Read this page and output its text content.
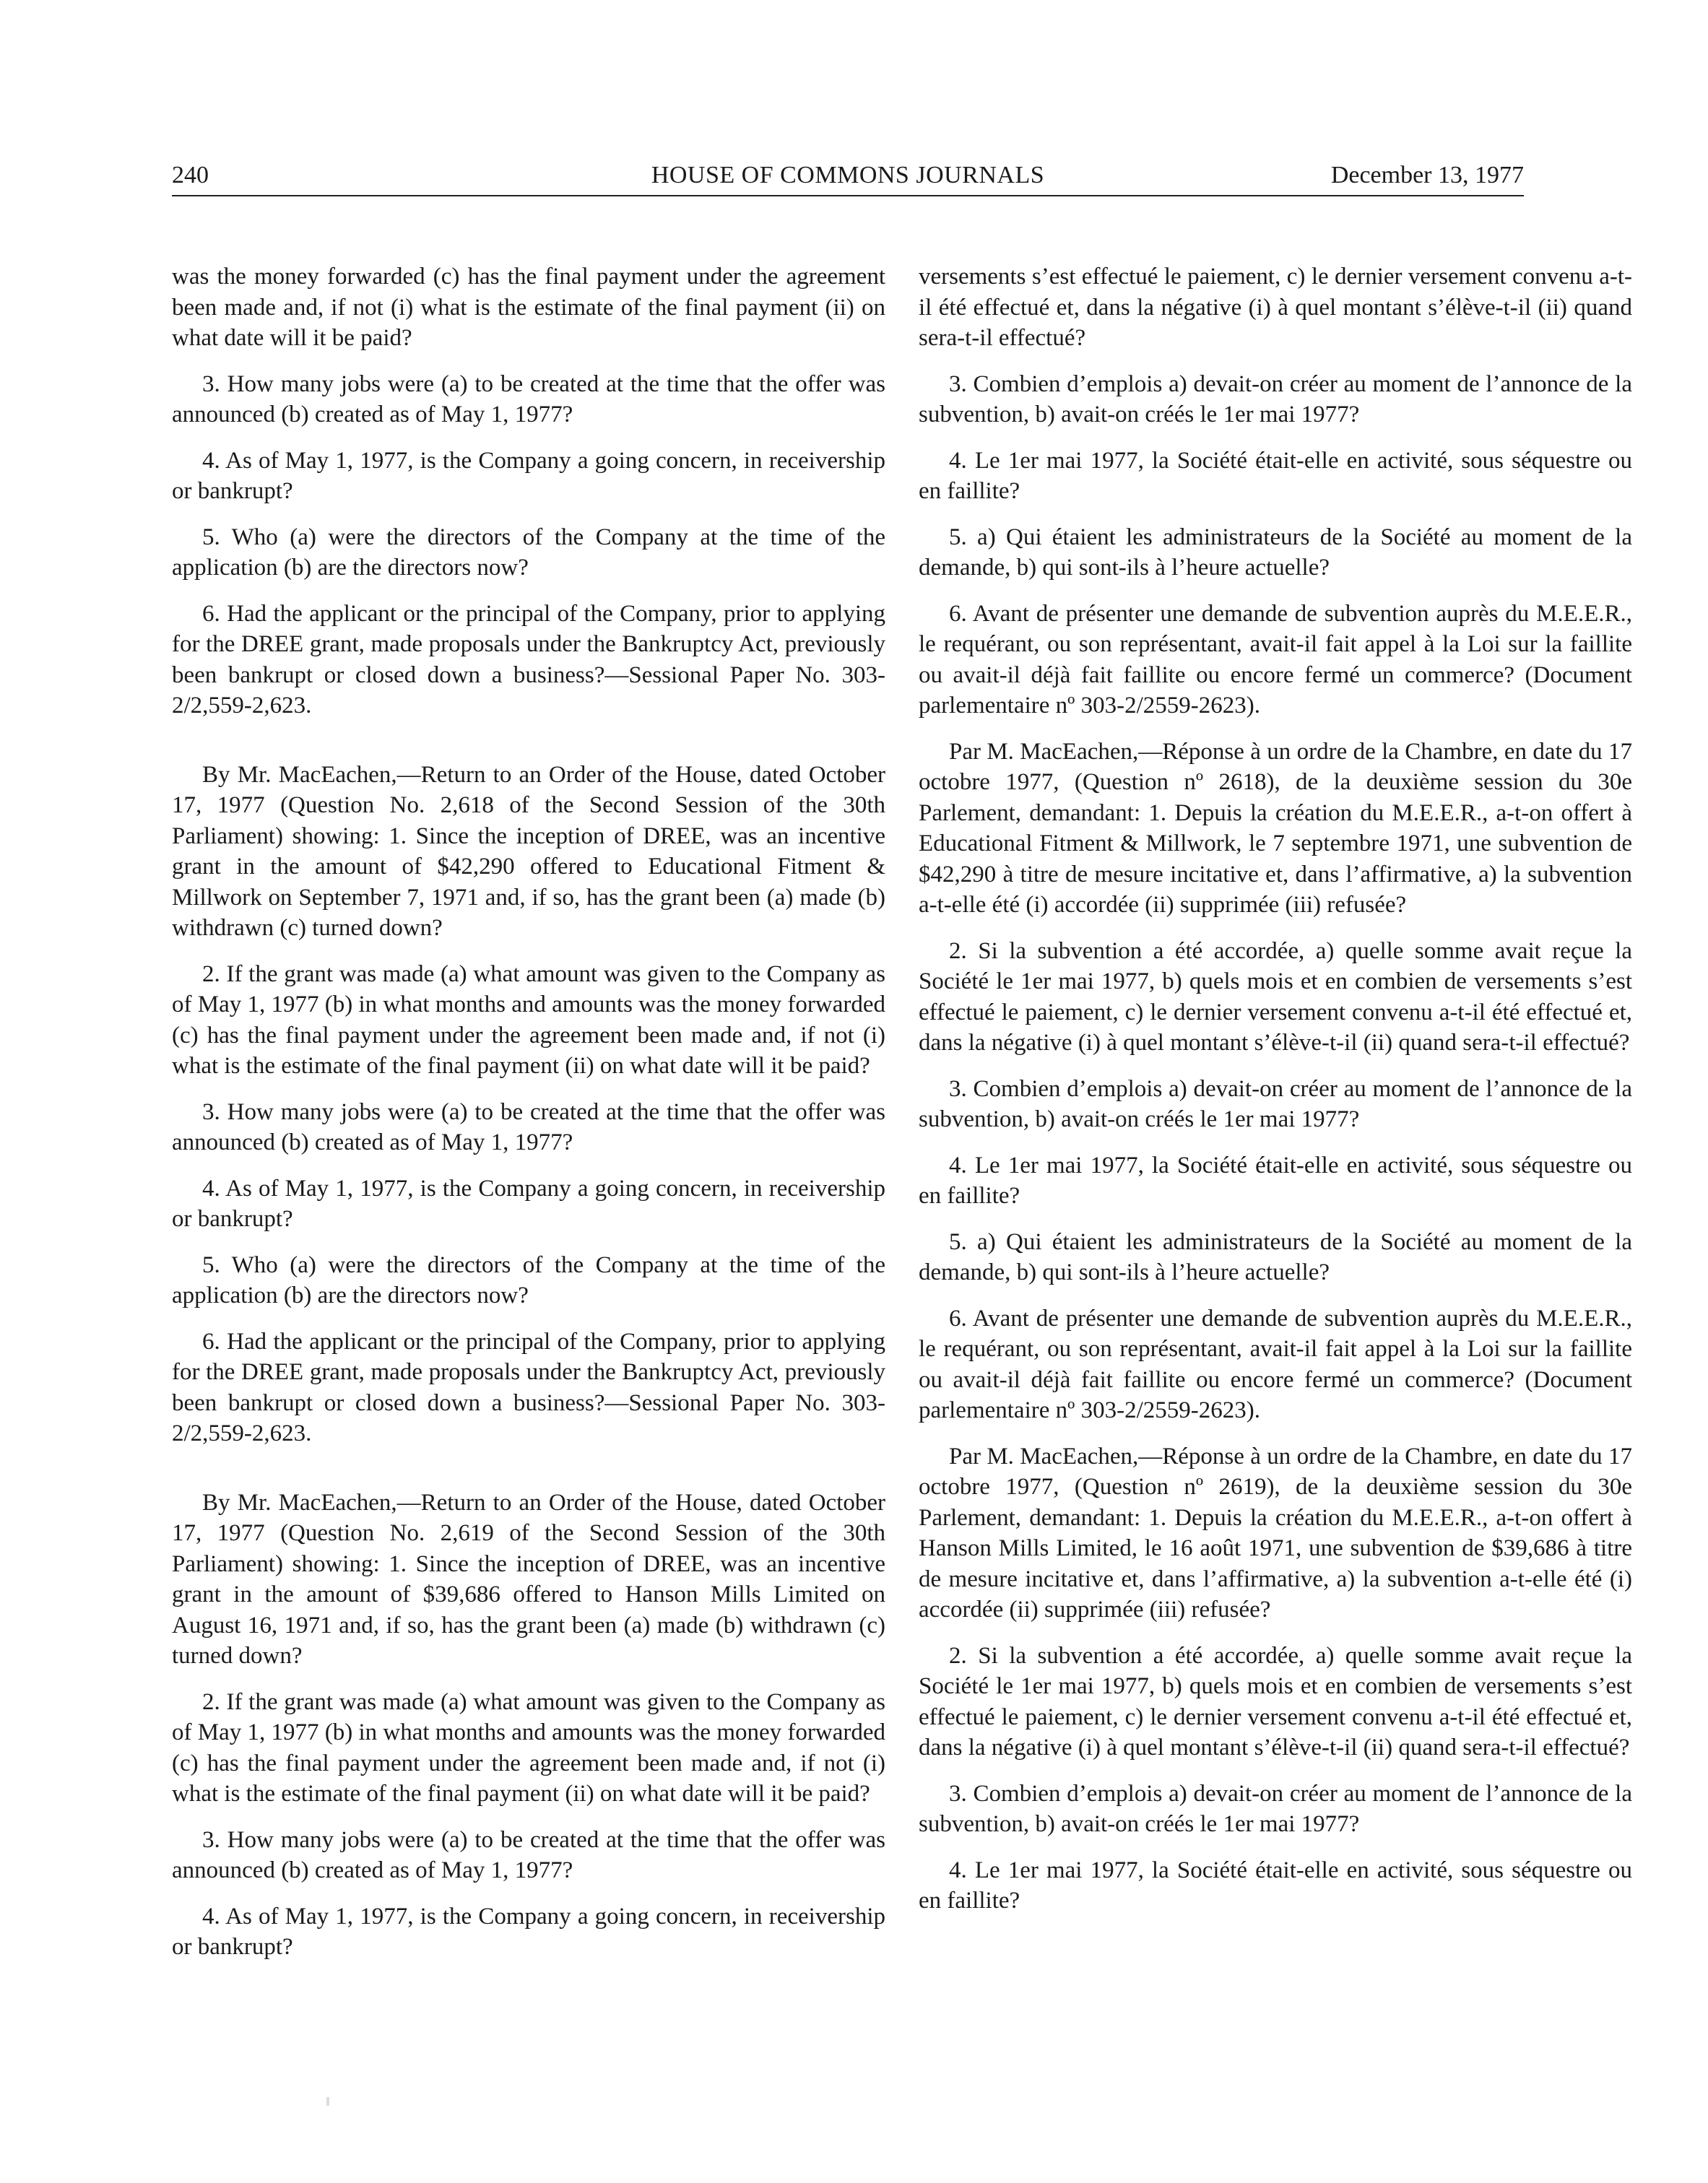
240	HOUSE OF COMMONS JOURNALS	December 13, 1977

was the money forwarded (c) has the final payment under the agreement been made and, if not (i) what is the estimate of the final payment (ii) on what date will it be paid?

3. How many jobs were (a) to be created at the time that the offer was announced (b) created as of May 1, 1977?

4. As of May 1, 1977, is the Company a going concern, in receivership or bankrupt?

5. Who (a) were the directors of the Company at the time of the application (b) are the directors now?

6. Had the applicant or the principal of the Company, prior to applying for the DREE grant, made proposals under the Bankruptcy Act, previously been bankrupt or closed down a business?—Sessional Paper No. 303-2/2,559-2,623.

By Mr. MacEachen,—Return to an Order of the House, dated October 17, 1977 (Question No. 2,618 of the Second Session of the 30th Parliament) showing: 1. Since the inception of DREE, was an incentive grant in the amount of $42,290 offered to Educational Fitment & Millwork on September 7, 1971 and, if so, has the grant been (a) made (b) withdrawn (c) turned down?

2. If the grant was made (a) what amount was given to the Company as of May 1, 1977 (b) in what months and amounts was the money forwarded (c) has the final payment under the agreement been made and, if not (i) what is the estimate of the final payment (ii) on what date will it be paid?

3. How many jobs were (a) to be created at the time that the offer was announced (b) created as of May 1, 1977?

4. As of May 1, 1977, is the Company a going concern, in receivership or bankrupt?

5. Who (a) were the directors of the Company at the time of the application (b) are the directors now?

6. Had the applicant or the principal of the Company, prior to applying for the DREE grant, made proposals under the Bankruptcy Act, previously been bankrupt or closed down a business?—Sessional Paper No. 303-2/2,559-2,623.

By Mr. MacEachen,—Return to an Order of the House, dated October 17, 1977 (Question No. 2,619 of the Second Session of the 30th Parliament) showing: 1. Since the inception of DREE, was an incentive grant in the amount of $39,686 offered to Hanson Mills Limited on August 16, 1971 and, if so, has the grant been (a) made (b) withdrawn (c) turned down?

2. If the grant was made (a) what amount was given to the Company as of May 1, 1977 (b) in what months and amounts was the money forwarded (c) has the final payment under the agreement been made and, if not (i) what is the estimate of the final payment (ii) on what date will it be paid?

3. How many jobs were (a) to be created at the time that the offer was announced (b) created as of May 1, 1977?

4. As of May 1, 1977, is the Company a going concern, in receivership or bankrupt?

versements s’est effectué le paiement, c) le dernier versement convenu a-t-il été effectué et, dans la négative (i) à quel montant s’élève-t-il (ii) quand sera-t-il effectué?

3. Combien d’emplois a) devait-on créer au moment de l’annonce de la subvention, b) avait-on créés le 1er mai 1977?

4. Le 1er mai 1977, la Société était-elle en activité, sous séquestre ou en faillite?

5. a) Qui étaient les administrateurs de la Société au moment de la demande, b) qui sont-ils à l’heure actuelle?

6. Avant de présenter une demande de subvention auprès du M.E.E.R., le requérant, ou son représentant, avait-il fait appel à la Loi sur la faillite ou avait-il déjà fait faillite ou encore fermé un commerce? (Document parlementaire nº 303-2/2559-2623).

Par M. MacEachen,—Réponse à un ordre de la Chambre, en date du 17 octobre 1977, (Question nº 2618), de la deuxième session du 30e Parlement, demandant: 1. Depuis la création du M.E.E.R., a-t-on offert à Educational Fitment & Millwork, le 7 septembre 1971, une subvention de $42,290 à titre de mesure incitative et, dans l’affirmative, a) la subvention a-t-elle été (i) accordée (ii) supprimée (iii) refusée?

2. Si la subvention a été accordée, a) quelle somme avait reçue la Société le 1er mai 1977, b) quels mois et en combien de versements s’est effectué le paiement, c) le dernier versement convenu a-t-il été effectué et, dans la négative (i) à quel montant s’élève-t-il (ii) quand sera-t-il effectué?

3. Combien d’emplois a) devait-on créer au moment de l’annonce de la subvention, b) avait-on créés le 1er mai 1977?

4. Le 1er mai 1977, la Société était-elle en activité, sous séquestre ou en faillite?

5. a) Qui étaient les administrateurs de la Société au moment de la demande, b) qui sont-ils à l’heure actuelle?

6. Avant de présenter une demande de subvention auprès du M.E.E.R., le requérant, ou son représentant, avait-il fait appel à la Loi sur la faillite ou avait-il déjà fait faillite ou encore fermé un commerce? (Document parlementaire nº 303-2/2559-2623).

Par M. MacEachen,—Réponse à un ordre de la Chambre, en date du 17 octobre 1977, (Question nº 2619), de la deuxième session du 30e Parlement, demandant: 1. Depuis la création du M.E.E.R., a-t-on offert à Hanson Mills Limited, le 16 août 1971, une subvention de $39,686 à titre de mesure incitative et, dans l’affirmative, a) la subvention a-t-elle été (i) accordée (ii) supprimée (iii) refusée?

2. Si la subvention a été accordée, a) quelle somme avait reçue la Société le 1er mai 1977, b) quels mois et en combien de versements s’est effectué le paiement, c) le dernier versement convenu a-t-il été effectué et, dans la négative (i) à quel montant s’élève-t-il (ii) quand sera-t-il effectué?

3. Combien d’emplois a) devait-on créer au moment de l’annonce de la subvention, b) avait-on créés le 1er mai 1977?

4. Le 1er mai 1977, la Société était-elle en activité, sous séquestre ou en faillite?
